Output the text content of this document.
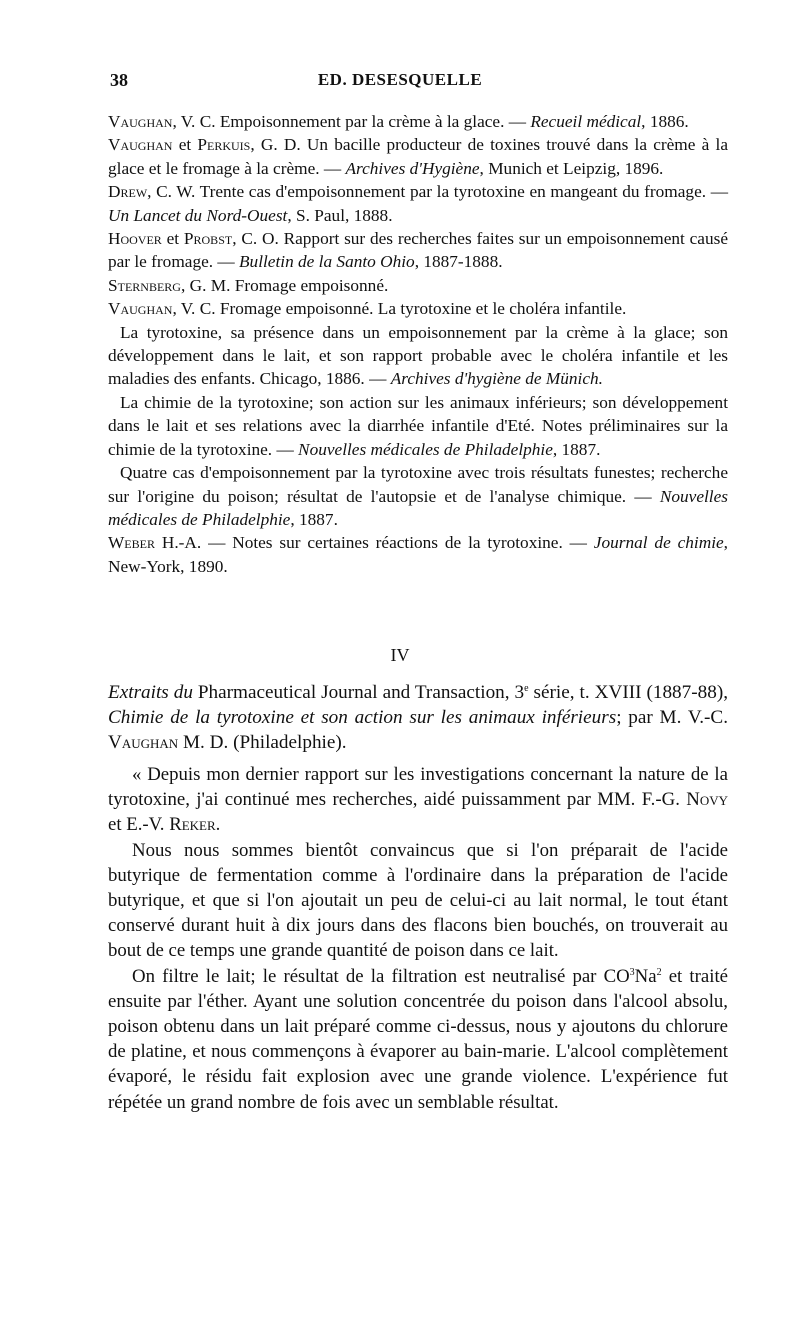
38	ED. DESESQUELLE

Vaughan, V. C. Empoisonnement par la crème à la glace. — Recueil médical, 1886.

Vaughan et Perkuis, G. D. Un bacille producteur de toxines trouvé dans la crème à la glace et le fromage à la crème. — Archives d'Hygiène, Munich et Leipzig, 1896.

Drew, C. W. Trente cas d'empoisonnement par la tyrotoxine en mangeant du fromage. — Un Lancet du Nord-Ouest, S. Paul, 1888.

Hoover et Probst, C. O. Rapport sur des recherches faites sur un empoisonnement causé par le fromage. — Bulletin de la Santo Ohio, 1887-1888.

Sternberg, G. M. Fromage empoisonné.

Vaughan, V. C. Fromage empoisonné. La tyrotoxine et le choléra infantile.

La tyrotoxine, sa présence dans un empoisonnement par la crème à la glace; son développement dans le lait, et son rapport probable avec le choléra infantile et les maladies des enfants. Chicago, 1886. — Archives d'hygiène de Münich.

La chimie de la tyrotoxine; son action sur les animaux inférieurs; son développement dans le lait et ses relations avec la diarrhée infantile d'Eté. Notes préliminaires sur la chimie de la tyrotoxine. — Nouvelles médicales de Philadelphie, 1887.

Quatre cas d'empoisonnement par la tyrotoxine avec trois résultats funestes; recherche sur l'origine du poison; résultat de l'autopsie et de l'analyse chimique. — Nouvelles médicales de Philadelphie, 1887.

Weber H.-A. — Notes sur certaines réactions de la tyrotoxine. — Journal de chimie, New-York, 1890.

IV
Extraits du Pharmaceutical Journal and Transaction, 3e série, t. XVIII (1887-88), Chimie de la tyrotoxine et son action sur les animaux inférieurs; par M. V.-C. Vaughan M. D. (Philadelphie).

« Depuis mon dernier rapport sur les investigations concernant la nature de la tyrotoxine, j'ai continué mes recherches, aidé puissamment par MM. F.-G. Novy et E.-V. Reker.

Nous nous sommes bientôt convaincus que si l'on préparait de l'acide butyrique de fermentation comme à l'ordinaire dans la préparation de l'acide butyrique, et que si l'on ajoutait un peu de celui-ci au lait normal, le tout étant conservé durant huit à dix jours dans des flacons bien bouchés, on trouverait au bout de ce temps une grande quantité de poison dans ce lait.

On filtre le lait; le résultat de la filtration est neutralisé par $CO^3Na^2$ et traité ensuite par l'éther. Ayant une solution concentrée du poison dans l'alcool absolu, poison obtenu dans un lait préparé comme ci-dessus, nous y ajoutons du chlorure de platine, et nous commençons à évaporer au bain-marie. L'alcool complètement évaporé, le résidu fait explosion avec une grande violence. L'expérience fut répétée un grand nombre de fois avec un semblable résultat.
